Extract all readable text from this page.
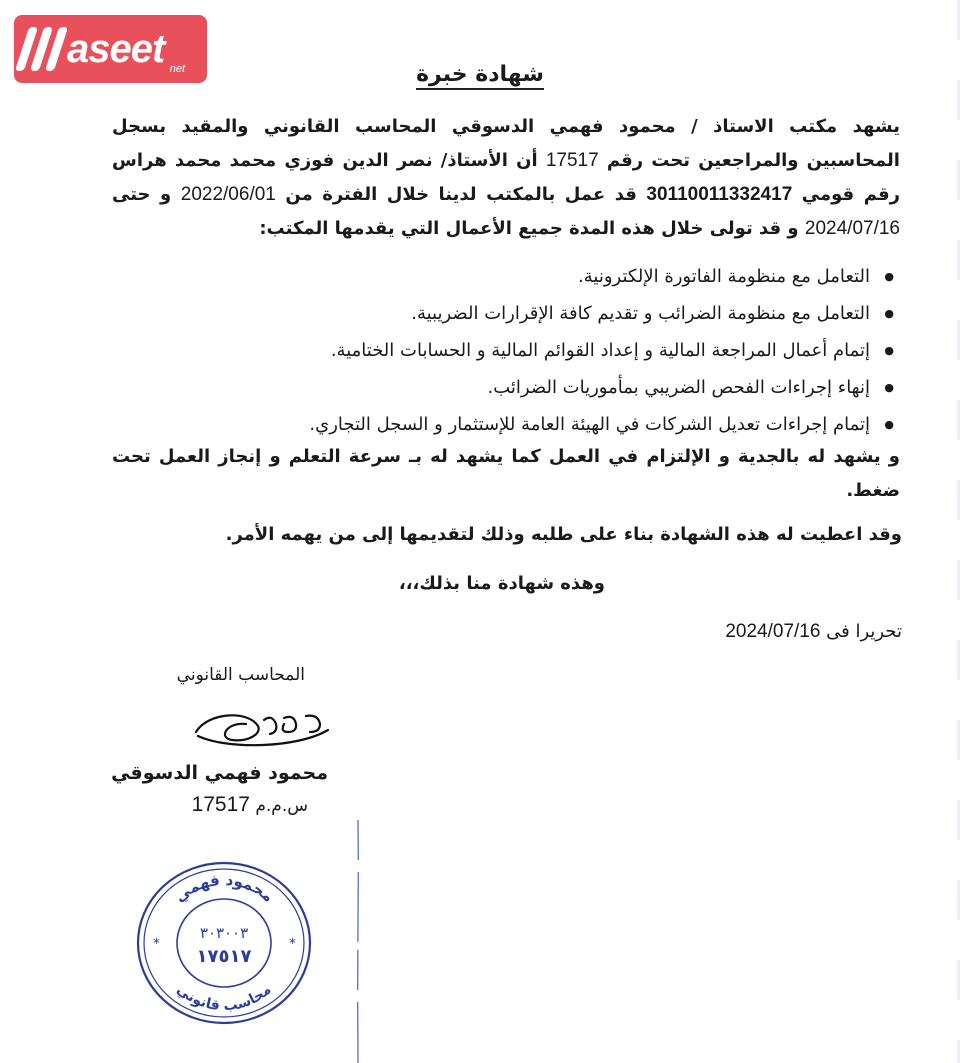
aseet net	شهادة خبرة
يشهد مكتب الاستاذ / محمود فهمي الدسوقي المحاسب القانوني والمقيد بسجل المحاسبين والمراجعين تحت رقم 17517 أن الأستاذ/ نصر الدين فوزي محمد محمد هراس رقم قومي 30110011332417 قد عمل بالمكتب لدينا خلال الفترة من 2022/06/01 و حتى 2024/07/16 و قد تولى خلال هذه المدة جميع الأعمال التي يقدمها المكتب:
● التعامل مع منظومة الفاتورة الإلكترونية.
● التعامل مع منظومة الضرائب و تقديم كافة الإقرارات الضريبية.
● إتمام أعمال المراجعة المالية و إعداد القوائم المالية و الحسابات الختامية.
● إنهاء إجراءات الفحص الضريبي بمأموريات الضرائب.
● إتمام إجراءات تعديل الشركات في الهيئة العامة للإستثمار و السجل التجاري.
و يشهد له بالجدية و الإلتزام في العمل كما يشهد له بـ سرعة التعلم و إنجاز العمل تحت ضغط.
وقد اعطيت له هذه الشهادة بناء على طلبه وذلك لتقديمها إلى من يهمه الأمر.
وهذه شهادة منا بذلك،،،
تحريرا فى 2024/07/16
المحاسب القانوني
محمود فهمي الدسوقي
س.م.م 17517
محمود فهمي
محاسب قانوني
٣٠٣٠٠٣
١٧٥١٧
*	*
